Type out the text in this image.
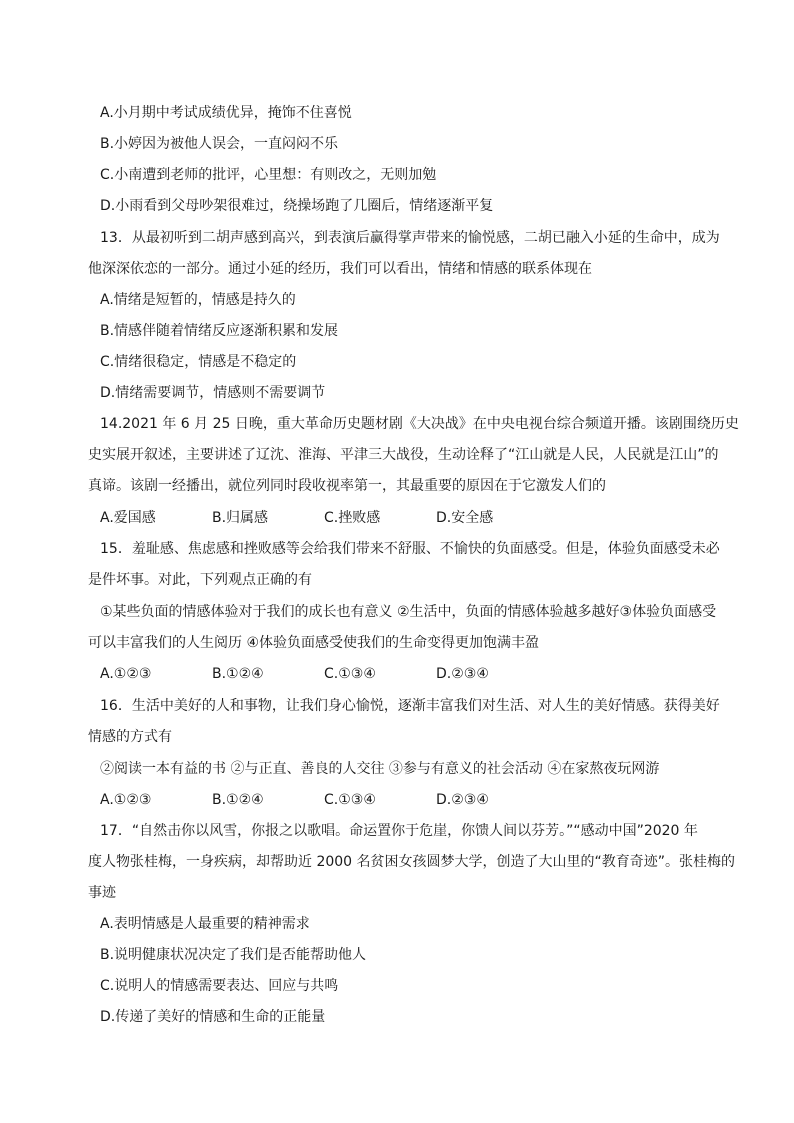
A.小月期中考试成绩优异，掩饰不住喜悦
B.小婷因为被他人误会，一直闷闷不乐
C.小南遭到老师的批评，心里想：有则改之，无则加勉
D.小雨看到父母吵架很难过，绕操场跑了几圈后，情绪逐渐平复
13．从最初听到二胡声感到高兴，到表演后赢得掌声带来的愉悦感，二胡已融入小延的生命中，成为
他深深依恋的一部分。通过小延的经历，我们可以看出，情绪和情感的联系体现在
A.情绪是短暂的，情感是持久的
B.情感伴随着情绪反应逐渐积累和发展
C.情绪很稳定，情感是不稳定的
D.情绪需要调节，情感则不需要调节
14.2021 年 6 月 25 日晚，重大革命历史题材剧《大决战》在中央电视台综合频道开播。该剧围绕历史
史实展开叙述，主要讲述了辽沈、淮海、平津三大战役，生动诠释了“江山就是人民，人民就是江山”的
真谛。该剧一经播出，就位列同时段收视率第一，其最重要的原因在于它激发人们的
A.爱国感	B.归属感	C.挫败感	D.安全感
15．羞耻感、焦虑感和挫败感等会给我们带来不舒服、不愉快的负面感受。但是，体验负面感受未必
是件坏事。对此，下列观点正确的有
①某些负面的情感体验对于我们的成长也有意义 ②生活中，负面的情感体验越多越好③体验负面感受
可以丰富我们的人生阅历 ④体验负面感受使我们的生命变得更加饱满丰盈
A.①②③	B.①②④	C.①③④	D.②③④
16．生活中美好的人和事物，让我们身心愉悦，逐渐丰富我们对生活、对人生的美好情感。获得美好
情感的方式有
②阅读一本有益的书 ②与正直、善良的人交往 ③参与有意义的社会活动 ④在家熬夜玩网游
A.①②③	B.①②④	C.①③④	D.②③④
17．“自然击你以风雪，你报之以歌唱。命运置你于危崖，你馈人间以芬芳。”“感动中国”2020 年
度人物张桂梅，一身疾病，却帮助近 2000 名贫困女孩圆梦大学，创造了大山里的“教育奇迹”。张桂梅的
事迹
A.表明情感是人最重要的精神需求
B.说明健康状况决定了我们是否能帮助他人
C.说明人的情感需要表达、回应与共鸣
D.传递了美好的情感和生命的正能量
